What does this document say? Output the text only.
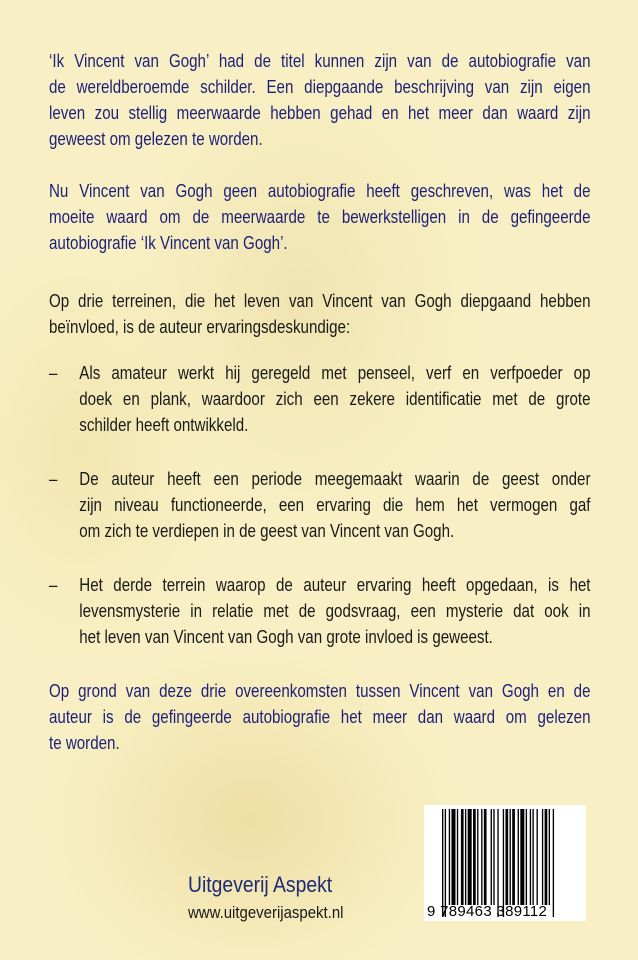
‘Ik Vincent van Gogh’ had de titel kunnen zijn van de autobiografie van
de wereldberoemde schilder. Een diepgaande beschrijving van zijn eigen
leven zou stellig meerwaarde hebben gehad en het meer dan waard zijn
geweest om gelezen te worden.
Nu Vincent van Gogh geen autobiografie heeft geschreven, was het de
moeite waard om de meerwaarde te bewerkstelligen in de gefingeerde
autobiografie ‘Ik Vincent van Gogh’.
Op drie terreinen, die het leven van Vincent van Gogh diepgaand hebben
beïnvloed, is de auteur ervaringsdeskundige:
– Als amateur werkt hij geregeld met penseel, verf en verfpoeder op
doek en plank, waardoor zich een zekere identificatie met de grote
schilder heeft ontwikkeld.
– De auteur heeft een periode meegemaakt waarin de geest onder
zijn niveau functioneerde, een ervaring die hem het vermogen gaf
om zich te verdiepen in de geest van Vincent van Gogh.
– Het derde terrein waarop de auteur ervaring heeft opgedaan, is het
levensmysterie in relatie met de godsvraag, een mysterie dat ook in
het leven van Vincent van Gogh van grote invloed is geweest.
Op grond van deze drie overeenkomsten tussen Vincent van Gogh en de
auteur is de gefingeerde autobiografie het meer dan waard om gelezen
te worden.
Uitgeverij Aspekt
www.uitgeverijaspekt.nl	9 789463 389112
